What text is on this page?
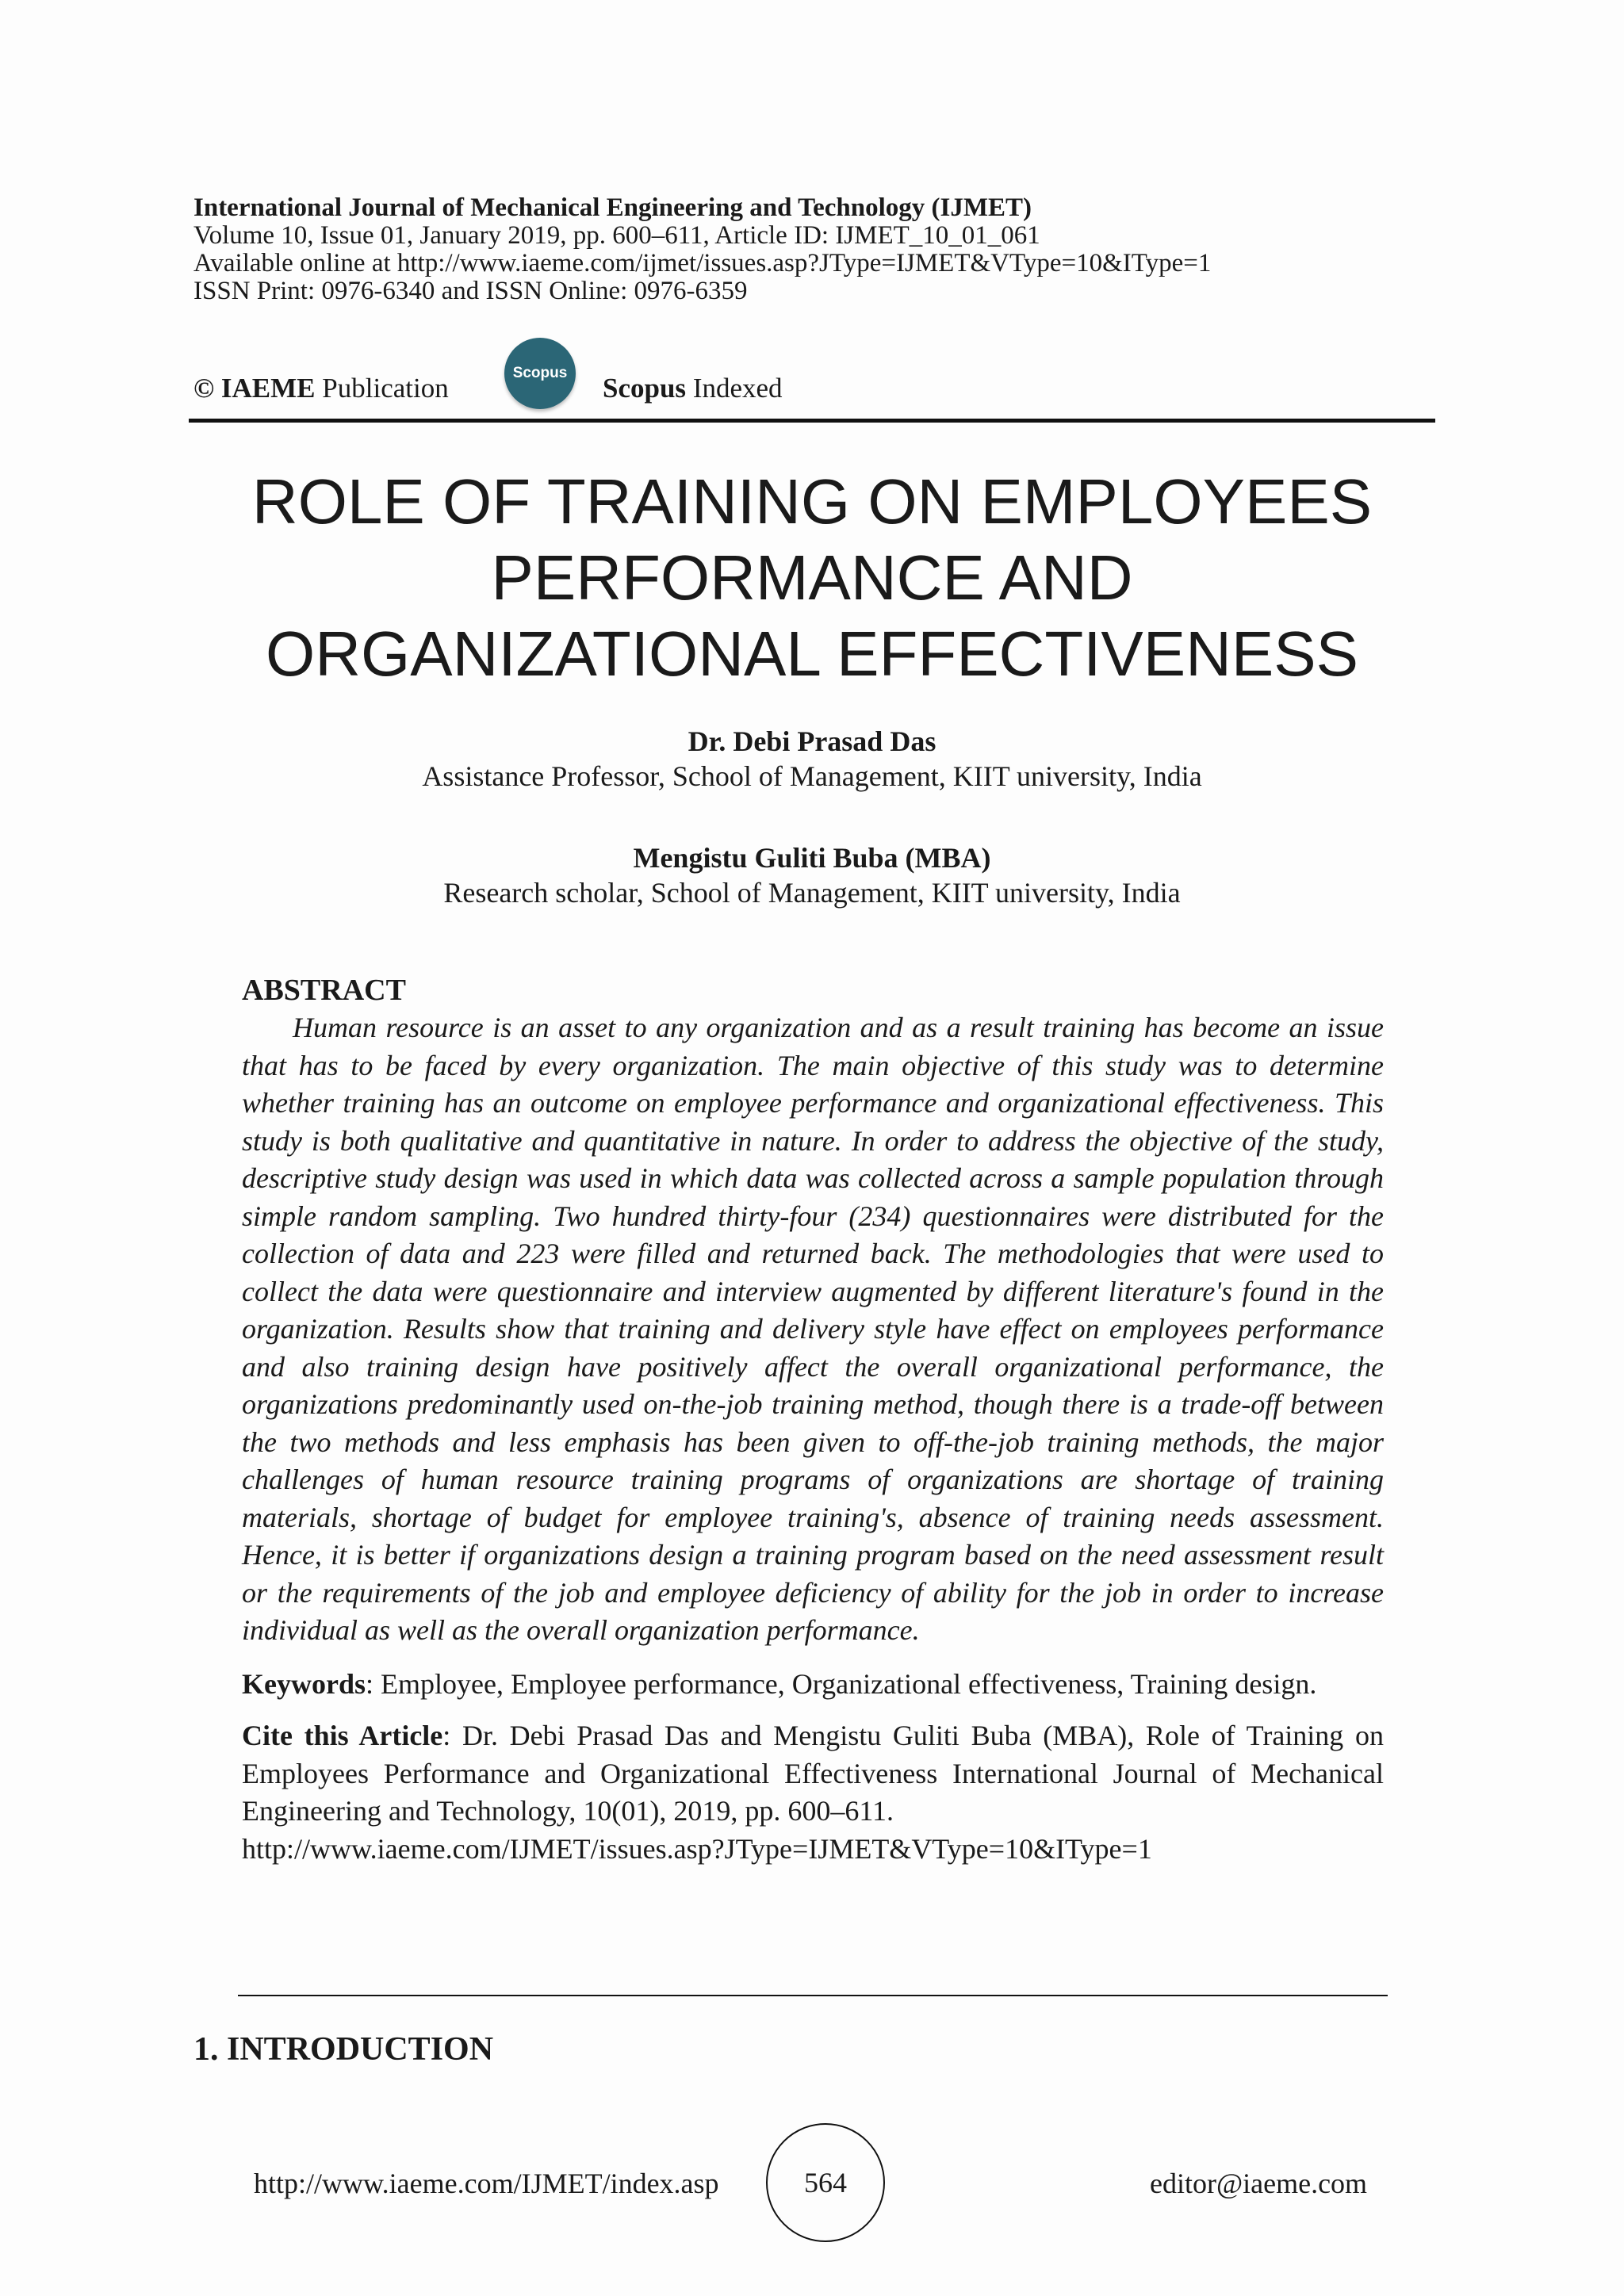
International Journal of Mechanical Engineering and Technology (IJMET)
Volume 10, Issue 01, January 2019, pp. 600–611, Article ID: IJMET_10_01_061
Available online at http://www.iaeme.com/ijmet/issues.asp?JType=IJMET&VType=10&IType=1
ISSN Print: 0976-6340 and ISSN Online: 0976-6359
© IAEME Publication	Scopus Scopus Indexed
ROLE OF TRAINING ON EMPLOYEES
PERFORMANCE AND
ORGANIZATIONAL EFFECTIVENESS
Dr. Debi Prasad Das
Assistance Professor, School of Management, KIIT university, India
Mengistu Guliti Buba (MBA)
Research scholar, School of Management, KIIT university, India
ABSTRACT

Human resource is an asset to any organization and as a result training has become an issue that has to be faced by every organization. The main objective of this study was to determine whether training has an outcome on employee performance and organizational effectiveness. This study is both qualitative and quantitative in nature. In order to address the objective of the study, descriptive study design was used in which data was collected across a sample population through simple random sampling. Two hundred thirty-four (234) questionnaires were distributed for the collection of data and 223 were filled and returned back. The methodologies that were used to collect the data were questionnaire and interview augmented by different literature's found in the organization. Results show that training and delivery style have effect on employees performance and also training design have positively affect the overall organizational performance, the organizations predominantly used on-the-job training method, though there is a trade-off between the two methods and less emphasis has been given to off-the-job training methods, the major challenges of human resource training programs of organizations are shortage of training materials, shortage of budget for employee training's, absence of training needs assessment. Hence, it is better if organizations design a training program based on the need assessment result or the requirements of the job and employee deficiency of ability for the job in order to increase individual as well as the overall organization performance.

Keywords: Employee, Employee performance, Organizational effectiveness, Training design.

Cite this Article: Dr. Debi Prasad Das and Mengistu Guliti Buba (MBA), Role of Training on Employees Performance and Organizational Effectiveness International Journal of Mechanical Engineering and Technology, 10(01), 2019, pp. 600–611.
http://www.iaeme.com/IJMET/issues.asp?JType=IJMET&VType=10&IType=1

1. INTRODUCTION
http://www.iaeme.com/IJMET/index.asp	564	editor@iaeme.com
